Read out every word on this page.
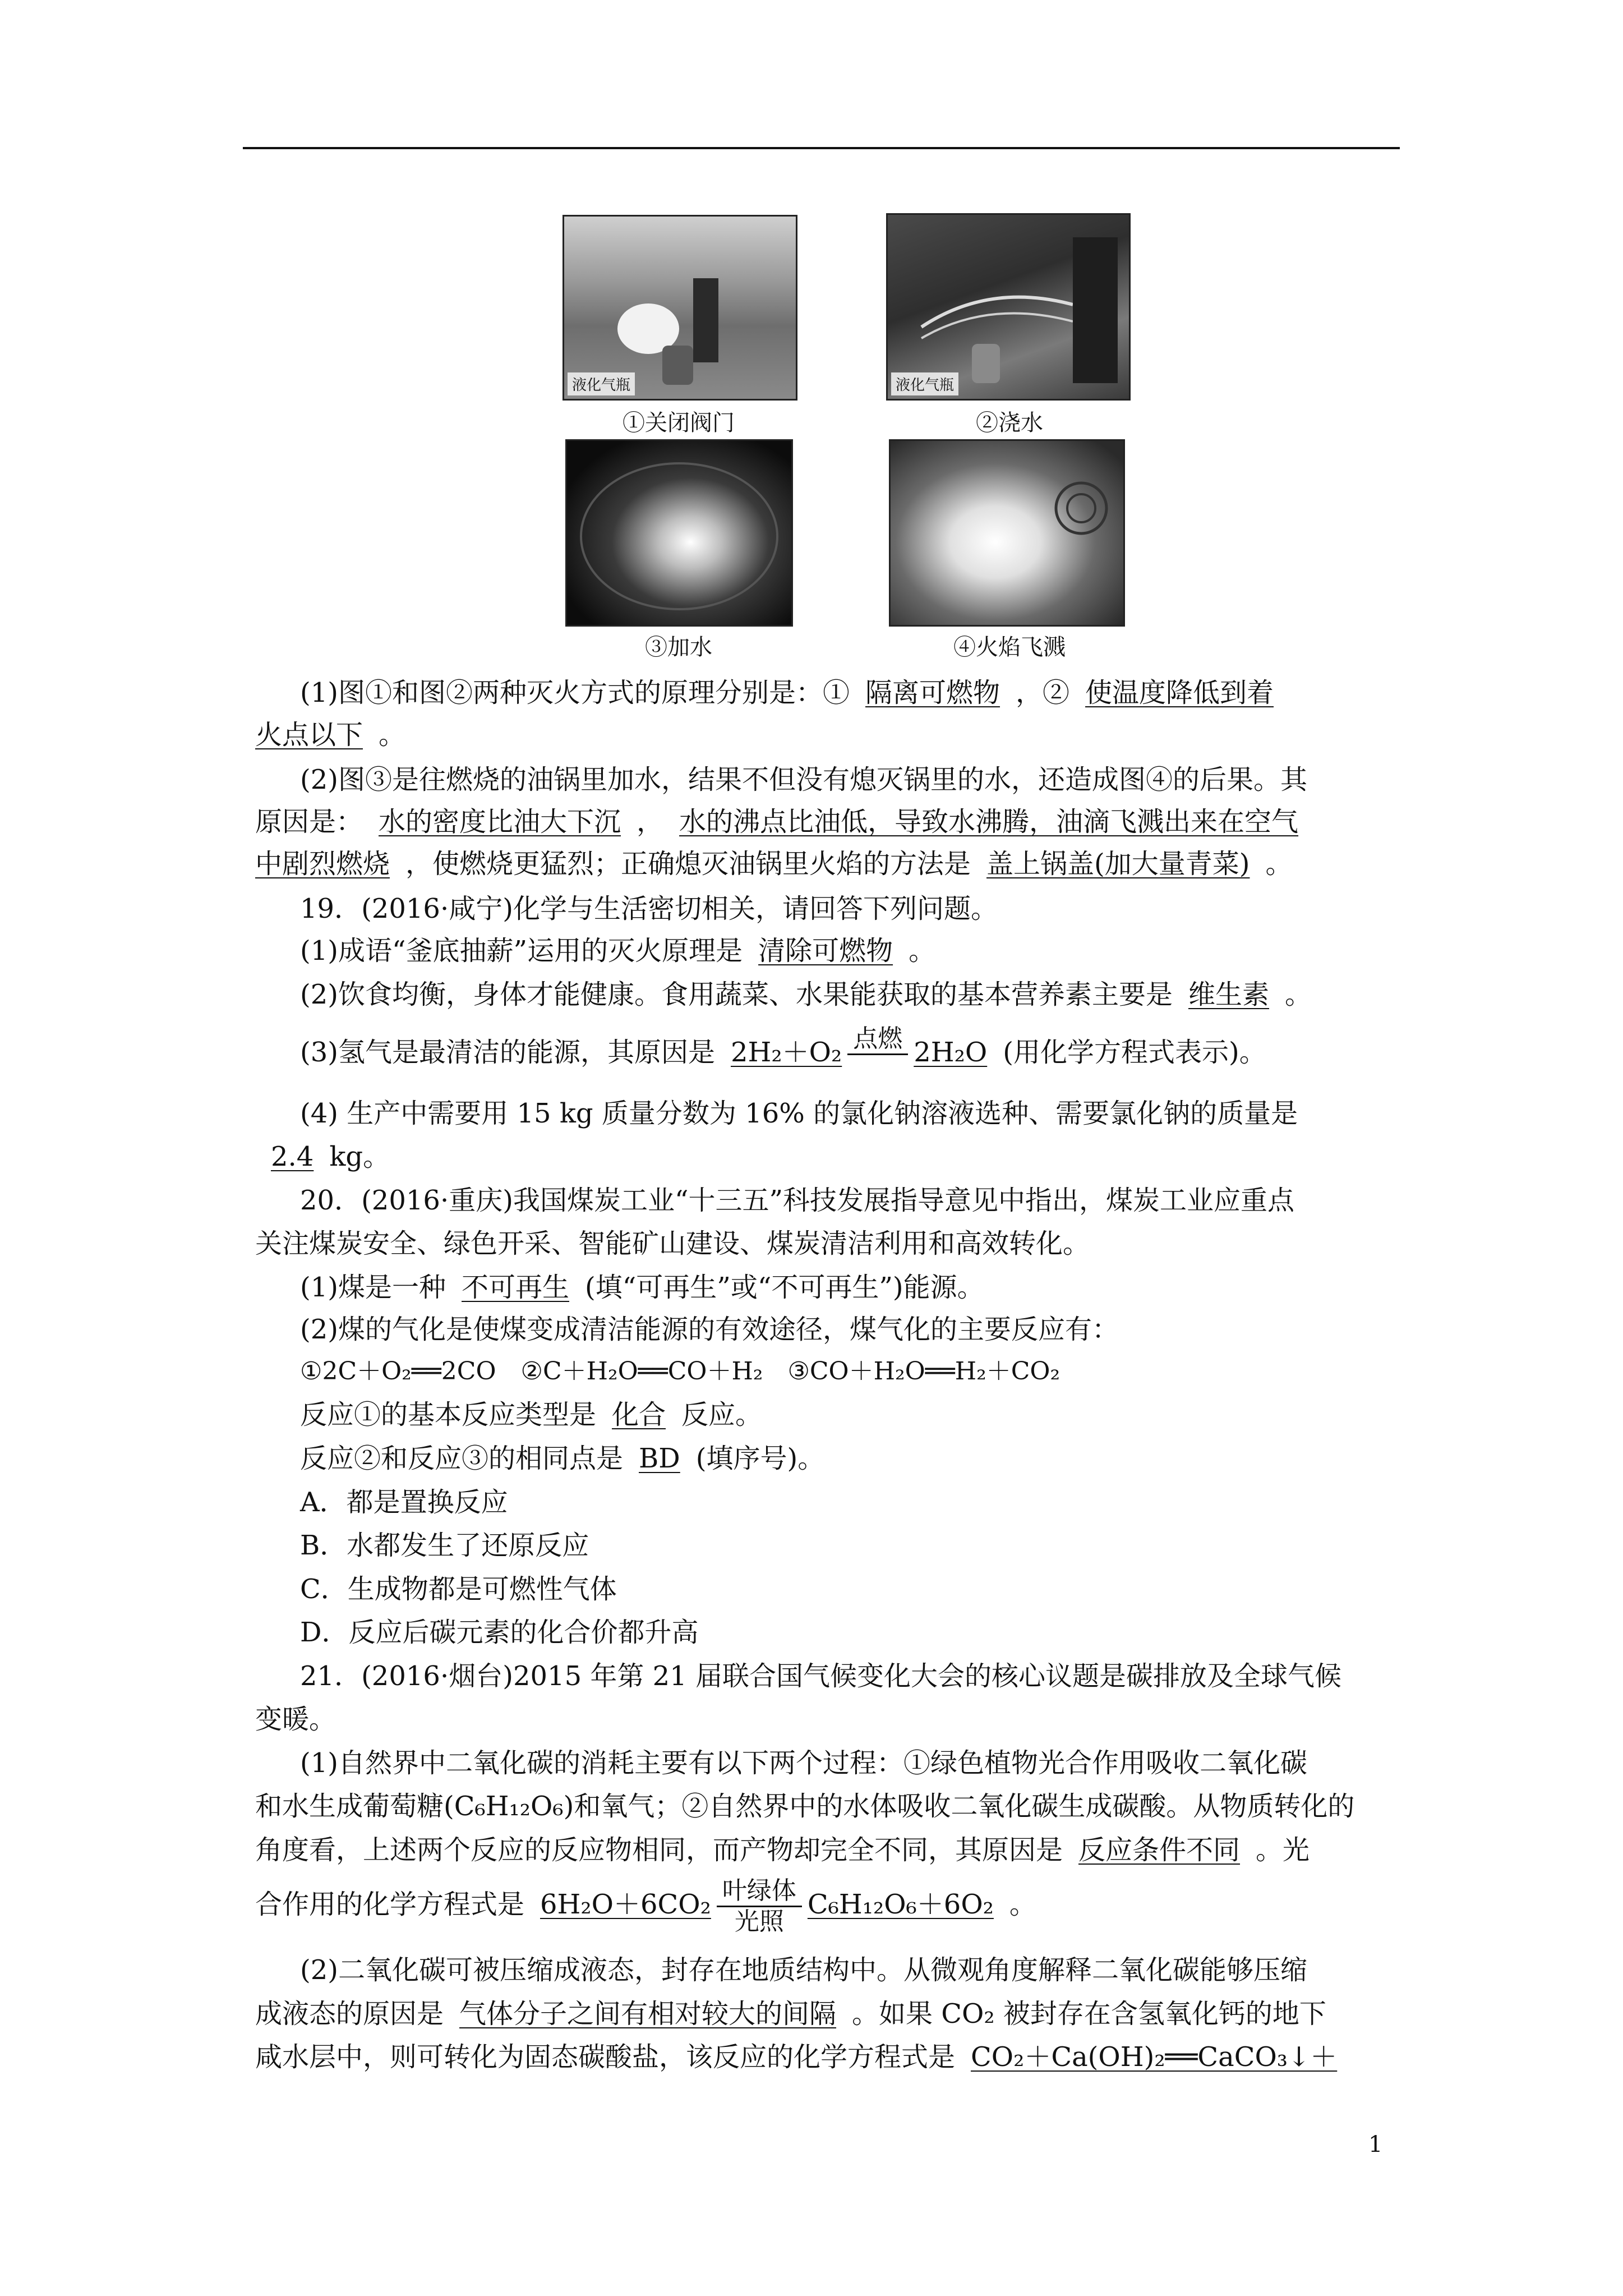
液化气瓶
①关闭阀门
液化气瓶
②浇水
③加水	④火焰飞溅
(1)图①和图②两种灭火方式的原理分别是：① 隔离可燃物 ，② 使温度降低到着
火点以下 。
(2)图③是往燃烧的油锅里加水，结果不但没有熄灭锅里的水，还造成图④的后果。其
原因是： 水的密度比油大下沉 ， 水的沸点比油低，导致水沸腾，油滴飞溅出来在空气
中剧烈燃烧 ，使燃烧更猛烈；正确熄灭油锅里火焰的方法是 盖上锅盖(加大量青菜) 。
19．(2016·咸宁)化学与生活密切相关，请回答下列问题。
(1)成语“釜底抽薪”运用的灭火原理是 清除可燃物 。
(2)饮食均衡，身体才能健康。食用蔬菜、水果能获取的基本营养素主要是 维生素 。
(3)氢气是最清洁的能源，其原因是 2H₂＋O₂ 点燃
　 2H₂O (用化学方程式表示)。
(4) 生产中需要用 15 kg 质量分数为 16% 的氯化钠溶液选种、需要氯化钠的质量是
2.4 kg。
20．(2016·重庆)我国煤炭工业“十三五”科技发展指导意见中指出，煤炭工业应重点
关注煤炭安全、绿色开采、智能矿山建设、煤炭清洁利用和高效转化。
(1)煤是一种 不可再生 (填“可再生”或“不可再生”)能源。
(2)煤的气化是使煤变成清洁能源的有效途径，煤气化的主要反应有：
①2C＋O₂══2CO　②C＋H₂O══CO＋H₂　③CO＋H₂O══H₂＋CO₂
反应①的基本反应类型是 化合 反应。
反应②和反应③的相同点是 BD (填序号)。
A．都是置换反应
B．水都发生了还原反应
C．生成物都是可燃性气体
D．反应后碳元素的化合价都升高
21．(2016·烟台)2015 年第 21 届联合国气候变化大会的核心议题是碳排放及全球气候
变暖。
(1)自然界中二氧化碳的消耗主要有以下两个过程：①绿色植物光合作用吸收二氧化碳
和水生成葡萄糖(C₆H₁₂O₆)和氧气；②自然界中的水体吸收二氧化碳生成碳酸。从物质转化的
角度看，上述两个反应的反应物相同，而产物却完全不同，其原因是 反应条件不同 。光
合作用的化学方程式是 6H₂O＋6CO₂ 叶绿体
光照
C₆H₁₂O₆＋6O₂ 。
(2)二氧化碳可被压缩成液态，封存在地质结构中。从微观角度解释二氧化碳能够压缩
成液态的原因是 气体分子之间有相对较大的间隔 。如果 CO₂ 被封存在含氢氧化钙的地下
咸水层中，则可转化为固态碳酸盐，该反应的化学方程式是 CO₂＋Ca(OH)₂══CaCO₃↓＋
1
